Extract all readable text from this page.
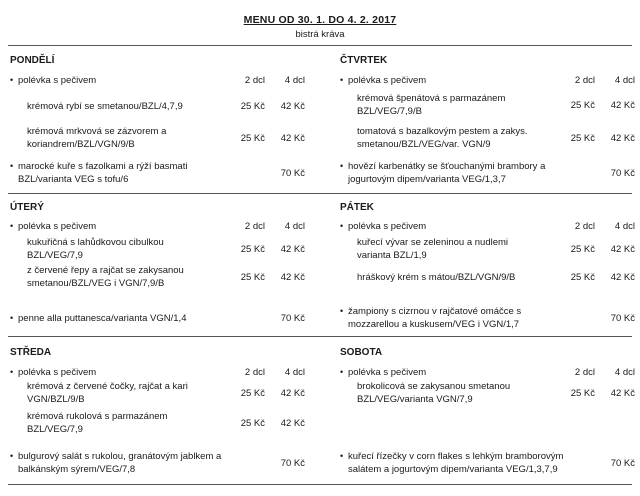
MENU OD 30. 1. DO 4. 2. 2017
bistrá kráva
PONDĚLÍ
• polévka s pečivem	2 dcl	4 dcl
krémová rybí se smetanou/BZL/4,7,9	25 Kč	42 Kč
krémová mrkvová se zázvorem a
koriandrem/BZL/VGN/9/B
25 Kč	42 Kč
• marocké kuře s fazolkami a rýží basmati
BZL/varianta VEG s tofu/6
70 Kč
ČTVRTEK
• polévka s pečivem	2 dcl	4 dcl
krémová špenátová s parmazánem
BZL/VEG/7,9/B
25 Kč	42 Kč
tomatová s bazalkovým pestem a zakys.
smetanou/BZL/VEG/var. VGN/9
25 Kč	42 Kč
• hovězí karbenátky se šťouchanými brambory a
jogurtovým dipem/varianta VEG/1,3,7
70 Kč
ÚTERÝ
• polévka s pečivem	2 dcl	4 dcl
kukuřičná s lahůdkovou cibulkou
BZL/VEG/7,9
25 Kč	42 Kč
z červené řepy a rajčat se zakysanou
smetanou/BZL/VEG i VGN/7,9/B
25 Kč	42 Kč
• penne alla puttanesca/varianta VGN/1,4	70 Kč
PÁTEK
• polévka s pečivem	2 dcl	4 dcl
kuřecí vývar se zeleninou a nudlemi
varianta BZL/1,9
25 Kč	42 Kč
hráškový krém s mátou/BZL/VGN/9/B	25 Kč	42 Kč
• žampiony s cizrnou v rajčatové omáčce s
mozzarellou a kuskusem/VEG i VGN/1,7
70 Kč
STŘEDA
• polévka s pečivem	2 dcl	4 dcl
krémová z červené čočky, rajčat a kari
VGN/BZL/9/B
25 Kč	42 Kč
krémová rukolová s parmazánem
BZL/VEG/7,9
25 Kč	42 Kč
• bulgurový salát s rukolou, granátovým jablkem a
balkánským sýrem/VEG/7,8
70 Kč
SOBOTA
• polévka s pečivem	2 dcl	4 dcl
brokolicová se zakysanou smetanou
BZL/VEG/varianta VGN/7,9
25 Kč	42 Kč
• kuřecí řízečky v corn flakes s lehkým bramborovým
salátem a jogurtovým dipem/varianta VEG/1,3,7,9
70 Kč
